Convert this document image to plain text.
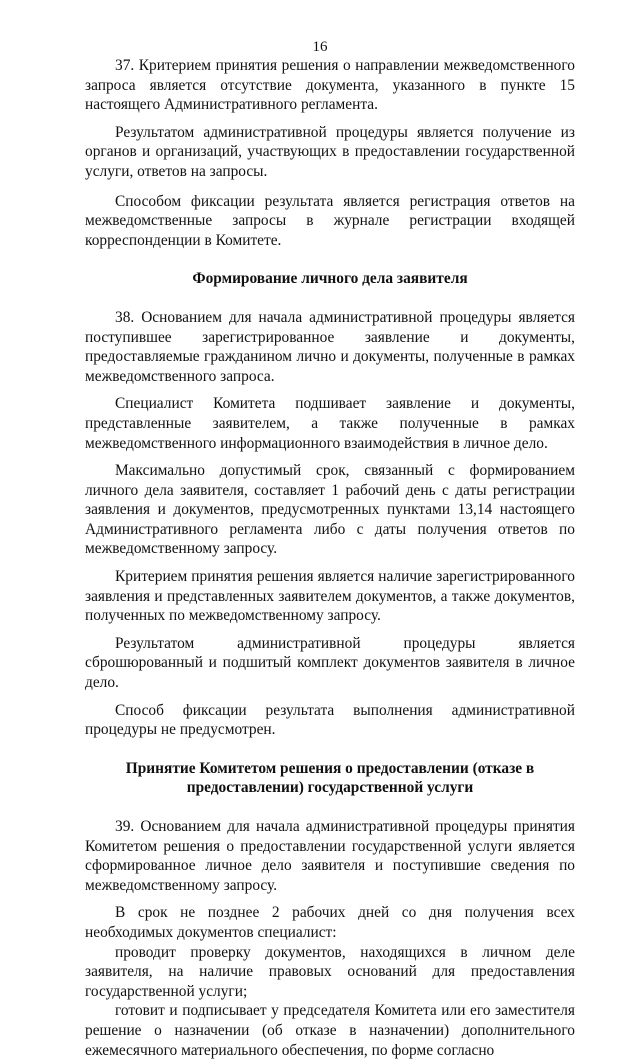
16

37. Критерием принятия решения о направлении межведомственного запроса является отсутствие документа, указанного в пункте 15 настоящего Административного регламента.

Результатом административной процедуры является получение из органов и организаций, участвующих в предоставлении государственной услуги, ответов на запросы.

Способом фиксации результата является регистрация ответов на межведомственные запросы в журнале регистрации входящей корреспонденции в Комитете.

Формирование личного дела заявителя

38. Основанием для начала административной процедуры является поступившее зарегистрированное заявление и документы, предоставляемые гражданином лично и документы, полученные в рамках межведомственного запроса.

Специалист Комитета подшивает заявление и документы, представленные заявителем, а также полученные в рамках межведомственного информационного взаимодействия в личное дело.

Максимально допустимый срок, связанный с формированием личного дела заявителя, составляет 1 рабочий день с даты регистрации заявления и документов, предусмотренных пунктами 13,14 настоящего Административного регламента либо с даты получения ответов по межведомственному запросу.

Критерием принятия решения является наличие зарегистрированного заявления и представленных заявителем документов, а также документов, полученных по межведомственному запросу.

Результатом административной процедуры является сброшюрованный и подшитый комплект документов заявителя в личное дело.

Способ фиксации результата выполнения административной процедуры не предусмотрен.

Принятие Комитетом решения о предоставлении (отказе в
предоставлении) государственной услуги

39. Основанием для начала административной процедуры принятия Комитетом решения о предоставлении государственной услуги является сформированное личное дело заявителя и поступившие сведения по межведомственному запросу.

В срок не позднее 2 рабочих дней со дня получения всех необходимых документов специалист:

проводит проверку документов, находящихся в личном деле заявителя, на наличие правовых оснований для предоставления государственной услуги;

готовит и подписывает у председателя Комитета или его заместителя решение о назначении (об отказе в назначении) дополнительного ежемесячного материального обеспечения, по форме согласно
